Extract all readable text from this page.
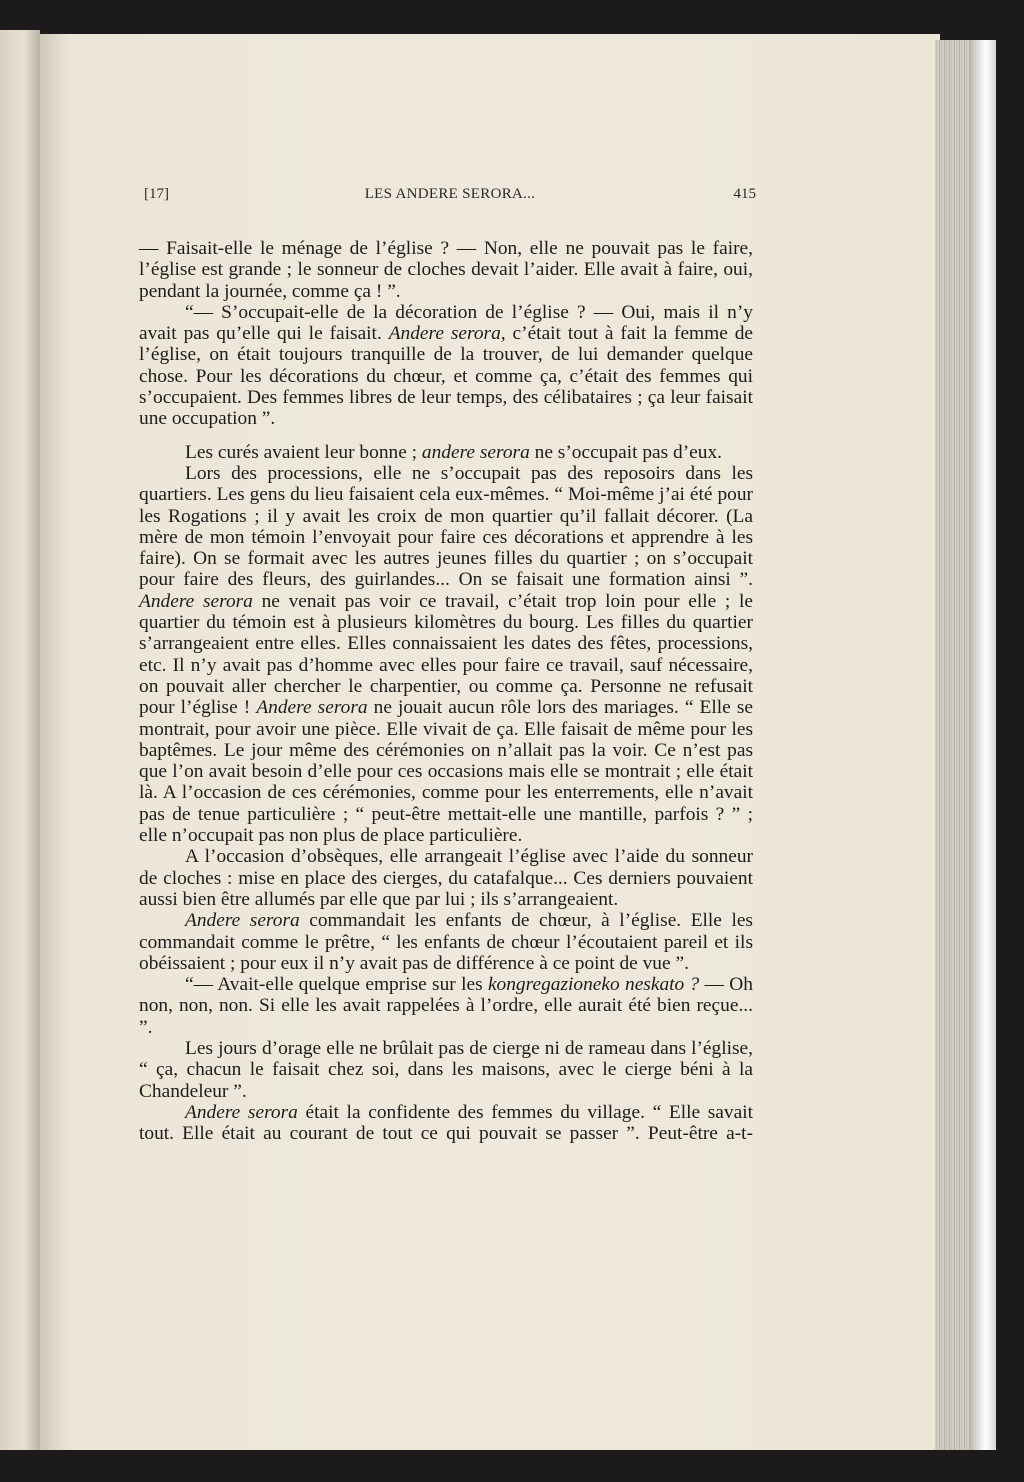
[17]	LES ANDERE SERORA...	415

— Faisait-elle le ménage de l’église ? — Non, elle ne pouvait pas le faire, l’église est grande ; le sonneur de cloches devait l’aider. Elle avait à faire, oui, pendant la journée, comme ça ! ”.

“— S’occupait-elle de la décoration de l’église ? — Oui, mais il n’y avait pas qu’elle qui le faisait. Andere serora, c’était tout à fait la femme de l’église, on était toujours tranquille de la trouver, de lui demander quelque chose. Pour les décorations du chœur, et comme ça, c’était des femmes qui s’occupaient. Des femmes libres de leur temps, des célibataires ; ça leur faisait une occupation ”.

Les curés avaient leur bonne ; andere serora ne s’occupait pas d’eux.

Lors des processions, elle ne s’occupait pas des reposoirs dans les quartiers. Les gens du lieu faisaient cela eux-mêmes. “ Moi-même j’ai été pour les Rogations ; il y avait les croix de mon quartier qu’il fallait décorer. (La mère de mon témoin l’envoyait pour faire ces décorations et apprendre à les faire). On se formait avec les autres jeunes filles du quartier ; on s’occupait pour faire des fleurs, des guirlandes... On se faisait une formation ainsi ”. Andere serora ne venait pas voir ce travail, c’était trop loin pour elle ; le quartier du témoin est à plusieurs kilomètres du bourg. Les filles du quartier s’arrangeaient entre elles. Elles connaissaient les dates des fêtes, processions, etc. Il n’y avait pas d’homme avec elles pour faire ce travail, sauf nécessaire, on pouvait aller chercher le charpentier, ou comme ça. Personne ne refusait pour l’église ! Andere serora ne jouait aucun rôle lors des mariages. “ Elle se montrait, pour avoir une pièce. Elle vivait de ça. Elle faisait de même pour les baptêmes. Le jour même des cérémonies on n’allait pas la voir. Ce n’est pas que l’on avait besoin d’elle pour ces occasions mais elle se montrait ; elle était là. A l’occasion de ces cérémonies, comme pour les enterrements, elle n’avait pas de tenue particulière ; “ peut-être mettait-elle une mantille, parfois ? ” ; elle n’occupait pas non plus de place particulière.

A l’occasion d’obsèques, elle arrangeait l’église avec l’aide du sonneur de cloches : mise en place des cierges, du catafalque... Ces derniers pouvaient aussi bien être allumés par elle que par lui ; ils s’arrangeaient.

Andere serora commandait les enfants de chœur, à l’église. Elle les commandait comme le prêtre, “ les enfants de chœur l’écoutaient pareil et ils obéissaient ; pour eux il n’y avait pas de différence à ce point de vue ”.

“— Avait-elle quelque emprise sur les kongregazioneko neskato ? — Oh non, non, non. Si elle les avait rappelées à l’ordre, elle aurait été bien reçue... ”.

Les jours d’orage elle ne brûlait pas de cierge ni de rameau dans l’église, “ ça, chacun le faisait chez soi, dans les maisons, avec le cierge béni à la Chandeleur ”.

Andere serora était la confidente des femmes du village. “ Elle savait tout. Elle était au courant de tout ce qui pouvait se passer ”. Peut-être a-t-
